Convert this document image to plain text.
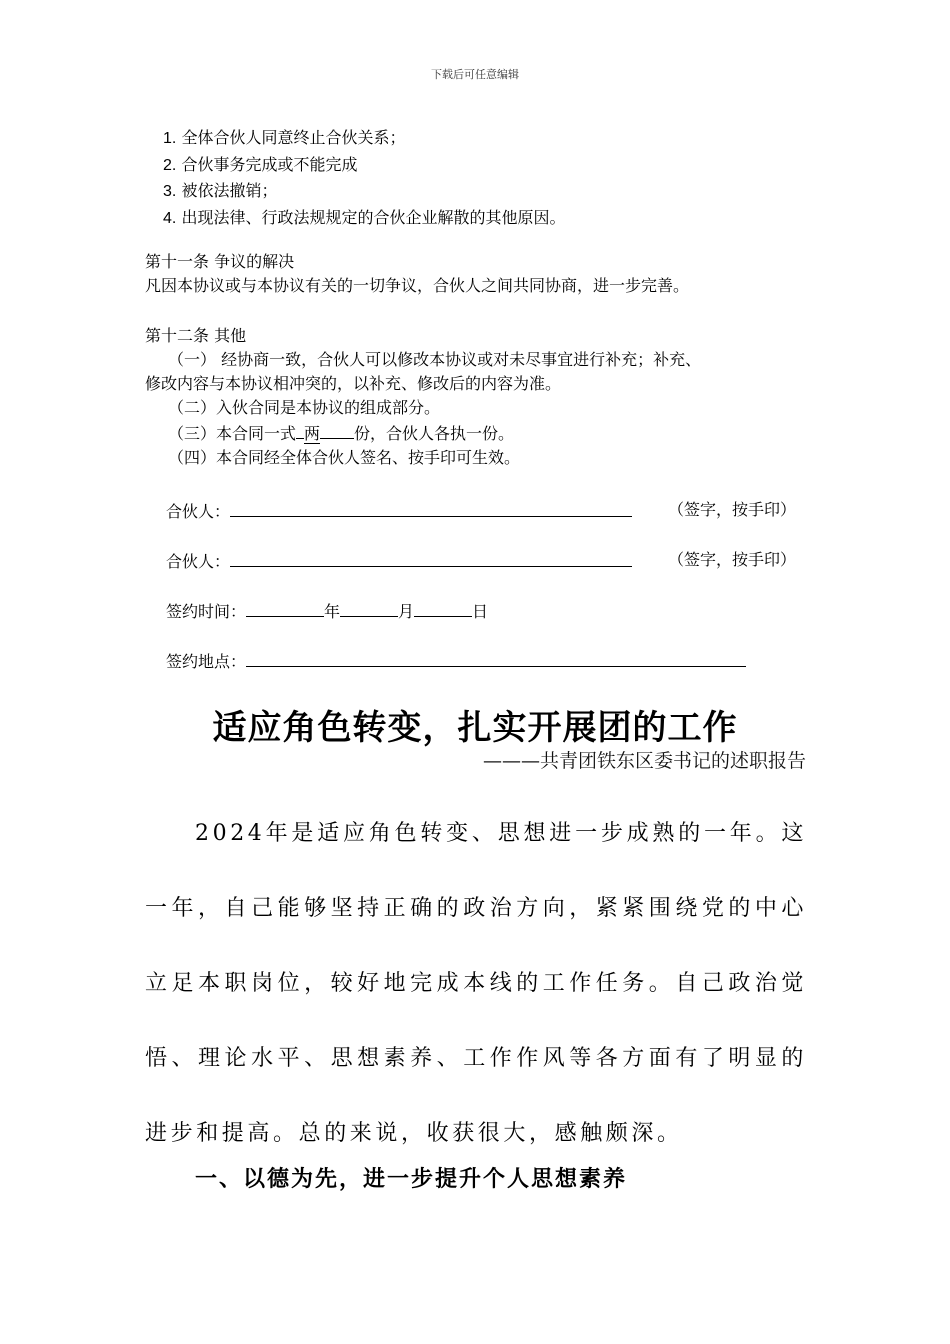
下载后可任意编辑
1. 全体合伙人同意终止合伙关系；
2. 合伙事务完成或不能完成
3. 被依法撤销；
4. 出现法律、行政法规规定的合伙企业解散的其他原因。
第十一条 争议的解决
凡因本协议或与本协议有关的一切争议，合伙人之间共同协商，进一步完善。
第十二条 其他
（一） 经协商一致，合伙人可以修改本协议或对未尽事宜进行补充；补充、
修改内容与本协议相冲突的，以补充、修改后的内容为准。
（二）入伙合同是本协议的组成部分。
（三）本合同一式 两 份，合伙人各执一份。
（四）本合同经全体合伙人签名、按手印可生效。
合伙人：	（签字，按手印）
合伙人：	（签字，按手印）
签约时间：	年	月	日
签约地点：
适应角色转变，扎实开展团的工作
———共青团铁东区委书记的述职报告
2024年是适应角色转变、思想进一步成熟的一年。这一年，自己能够坚持正确的政治方向，紧紧围绕党的中心立足本职岗位，较好地完成本线的工作任务。自己政治觉悟、理论水平、思想素养、工作作风等各方面有了明显的进步和提高。总的来说，收获很大，感触颇深。
一、以德为先，进一步提升个人思想素养
